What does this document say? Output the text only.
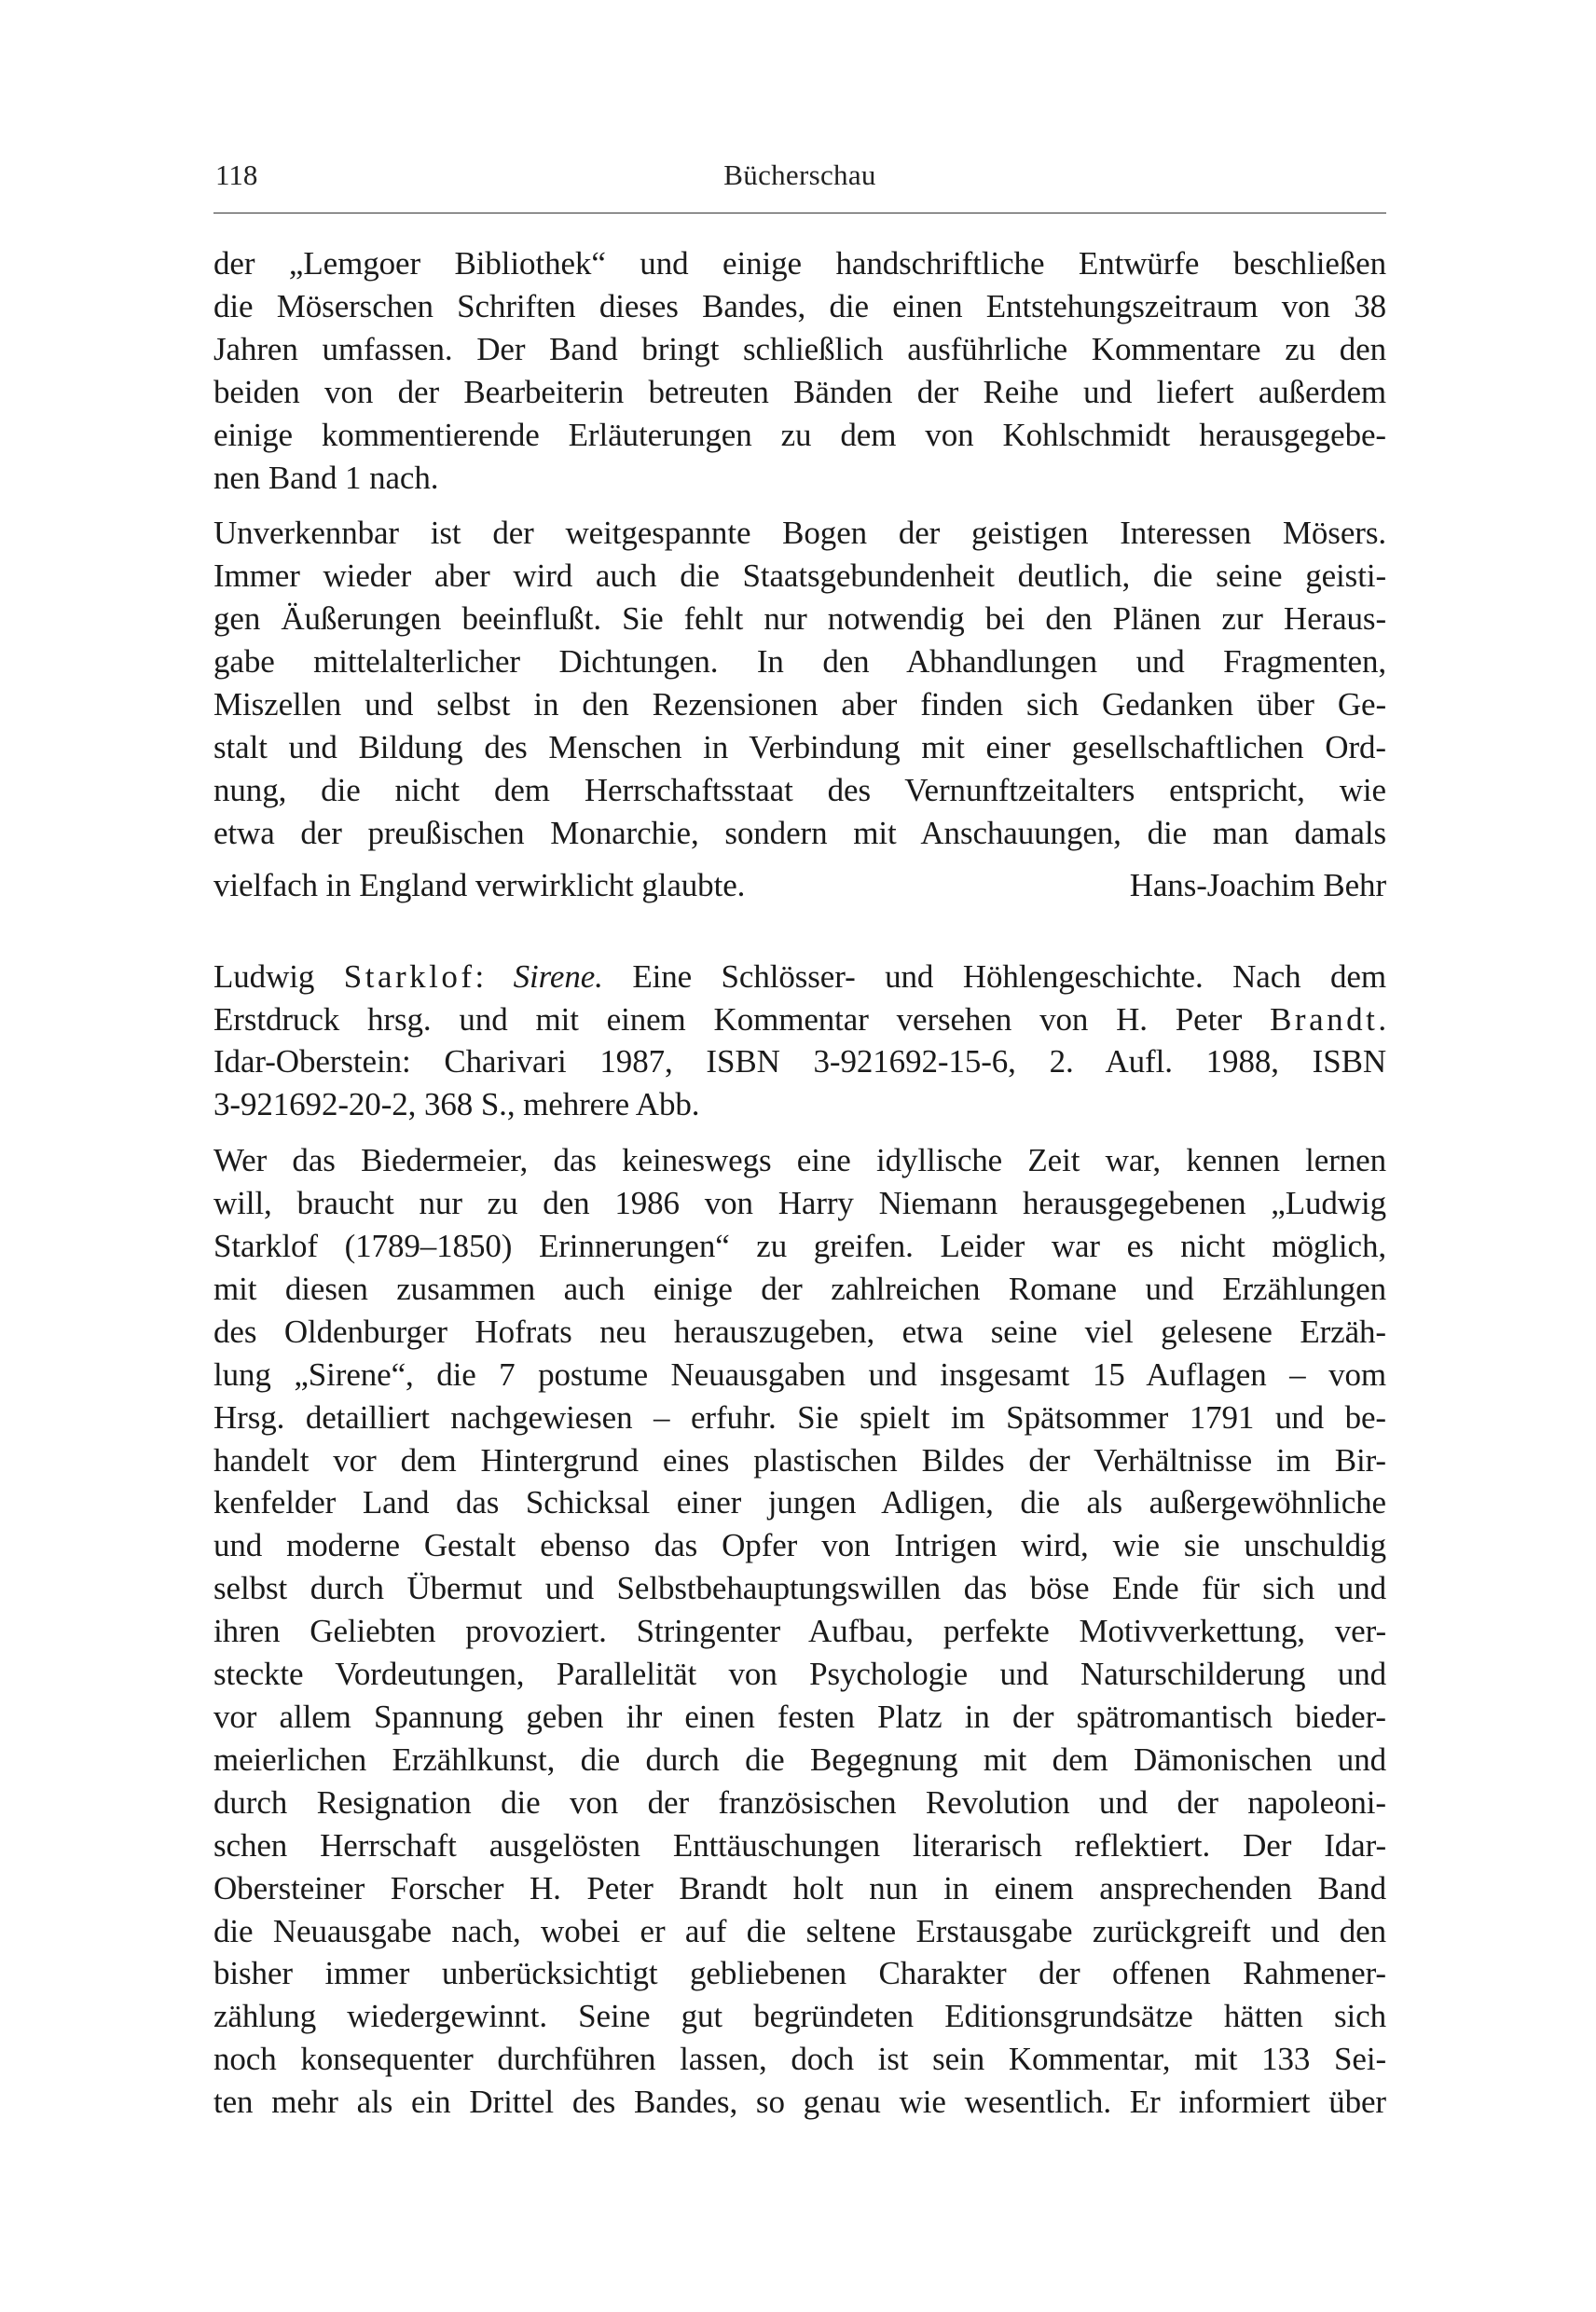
118	Bücherschau

der „Lemgoer Bibliothek“ und einige handschriftliche Entwürfe beschließen
die Möserschen Schriften dieses Bandes, die einen Entstehungszeitraum von 38
Jahren umfassen. Der Band bringt schließlich ausführliche Kommentare zu den
beiden von der Bearbeiterin betreuten Bänden der Reihe und liefert außerdem
einige kommentierende Erläuterungen zu dem von Kohlschmidt herausgegebe-
nen Band 1 nach.

Unverkennbar ist der weitgespannte Bogen der geistigen Interessen Mösers.
Immer wieder aber wird auch die Staatsgebundenheit deutlich, die seine geisti-
gen Äußerungen beeinflußt. Sie fehlt nur notwendig bei den Plänen zur Heraus-
gabe mittelalterlicher Dichtungen. In den Abhandlungen und Fragmenten,
Miszellen und selbst in den Rezensionen aber finden sich Gedanken über Ge-
stalt und Bildung des Menschen in Verbindung mit einer gesellschaftlichen Ord-
nung, die nicht dem Herrschaftsstaat des Vernunftzeitalters entspricht, wie
etwa der preußischen Monarchie, sondern mit Anschauungen, die man damals
vielfach in England verwirklicht glaubte.	Hans-Joachim Behr

Ludwig Starklof: Sirene. Eine Schlösser- und Höhlengeschichte. Nach dem
Erstdruck hrsg. und mit einem Kommentar versehen von H. Peter Brandt.
Idar-Oberstein: Charivari 1987, ISBN 3-921692-15-6, 2. Aufl. 1988, ISBN
3-921692-20-2, 368 S., mehrere Abb.

Wer das Biedermeier, das keineswegs eine idyllische Zeit war, kennen lernen
will, braucht nur zu den 1986 von Harry Niemann herausgegebenen „Ludwig
Starklof (1789–1850) Erinnerungen“ zu greifen. Leider war es nicht möglich,
mit diesen zusammen auch einige der zahlreichen Romane und Erzählungen
des Oldenburger Hofrats neu herauszugeben, etwa seine viel gelesene Erzäh-
lung „Sirene“, die 7 postume Neuausgaben und insgesamt 15 Auflagen – vom
Hrsg. detailliert nachgewiesen – erfuhr. Sie spielt im Spätsommer 1791 und be-
handelt vor dem Hintergrund eines plastischen Bildes der Verhältnisse im Bir-
kenfelder Land das Schicksal einer jungen Adligen, die als außergewöhnliche
und moderne Gestalt ebenso das Opfer von Intrigen wird, wie sie unschuldig
selbst durch Übermut und Selbstbehauptungswillen das böse Ende für sich und
ihren Geliebten provoziert. Stringenter Aufbau, perfekte Motivverkettung, ver-
steckte Vordeutungen, Parallelität von Psychologie und Naturschilderung und
vor allem Spannung geben ihr einen festen Platz in der spätromantisch bieder-
meierlichen Erzählkunst, die durch die Begegnung mit dem Dämonischen und
durch Resignation die von der französischen Revolution und der napoleoni-
schen Herrschaft ausgelösten Enttäuschungen literarisch reflektiert. Der Idar-
Obersteiner Forscher H. Peter Brandt holt nun in einem ansprechenden Band
die Neuausgabe nach, wobei er auf die seltene Erstausgabe zurückgreift und den
bisher immer unberücksichtigt gebliebenen Charakter der offenen Rahmener-
zählung wiedergewinnt. Seine gut begründeten Editionsgrundsätze hätten sich
noch konsequenter durchführen lassen, doch ist sein Kommentar, mit 133 Sei-
ten mehr als ein Drittel des Bandes, so genau wie wesentlich. Er informiert über
